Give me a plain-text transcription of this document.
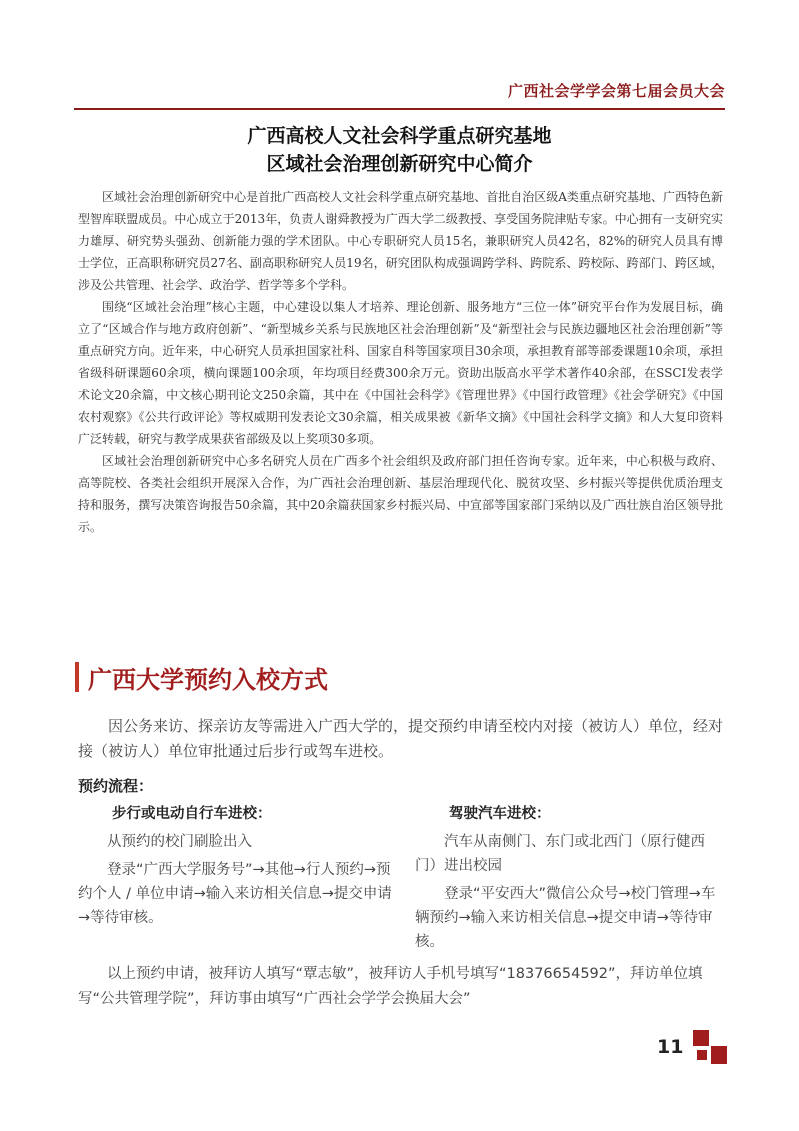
广西社会学学会第七届会员大会
广西高校人文社会科学重点研究基地
区域社会治理创新研究中心简介

区域社会治理创新研究中心是首批广西高校人文社会科学重点研究基地、首批自治区级A类重点研究基地、广西特色新型智库联盟成员。中心成立于2013年，负责人谢舜教授为广西大学二级教授、享受国务院津贴专家。中心拥有一支研究实力雄厚、研究势头强劲、创新能力强的学术团队。中心专职研究人员15名，兼职研究人员42名，82%的研究人员具有博士学位，正高职称研究员27名、副高职称研究人员19名，研究团队构成强调跨学科、跨院系、跨校际、跨部门、跨区域，涉及公共管理、社会学、政治学、哲学等多个学科。

围绕“区域社会治理”核心主题，中心建设以集人才培养、理论创新、服务地方“三位一体”研究平台作为发展目标，确立了“区域合作与地方政府创新”、“新型城乡关系与民族地区社会治理创新”及“新型社会与民族边疆地区社会治理创新”等重点研究方向。近年来，中心研究人员承担国家社科、国家自科等国家项目30余项，承担教育部等部委课题10余项，承担省级科研课题60余项，横向课题100余项，年均项目经费300余万元。资助出版高水平学术著作40余部，在SSCI发表学术论文20余篇，中文核心期刊论文250余篇，其中在《中国社会科学》《管理世界》《中国行政管理》《社会学研究》《中国农村观察》《公共行政评论》等权威期刊发表论文30余篇，相关成果被《新华文摘》《中国社会科学文摘》和人大复印资料广泛转载，研究与教学成果获省部级及以上奖项30多项。

区域社会治理创新研究中心多名研究人员在广西多个社会组织及政府部门担任咨询专家。近年来，中心积极与政府、高等院校、各类社会组织开展深入合作，为广西社会治理创新、基层治理现代化、脱贫攻坚、乡村振兴等提供优质治理支持和服务，撰写决策咨询报告50余篇，其中20余篇获国家乡村振兴局、中宣部等国家部门采纳以及广西壮族自治区领导批示。

广西大学预约入校方式

因公务来访、探亲访友等需进入广西大学的，提交预约申请至校内对接（被访人）单位，经对接（被访人）单位审批通过后步行或驾车进校。

预约流程：
步行或电动自行车进校：

从预约的校门刷脸出入

登录“广西大学服务号”→其他→行人预约→预约个人 / 单位申请→输入来访相关信息→提交申请→等待审核。

驾驶汽车进校：

汽车从南侧门、东门或北西门（原行健西门）进出校园

登录“平安西大”微信公众号→校门管理→车辆预约→输入来访相关信息→提交申请→等待审核。

以上预约申请，被拜访人填写“覃志敏”，被拜访人手机号填写“18376654592”，拜访单位填写“公共管理学院”，拜访事由填写“广西社会学学会换届大会”

11
